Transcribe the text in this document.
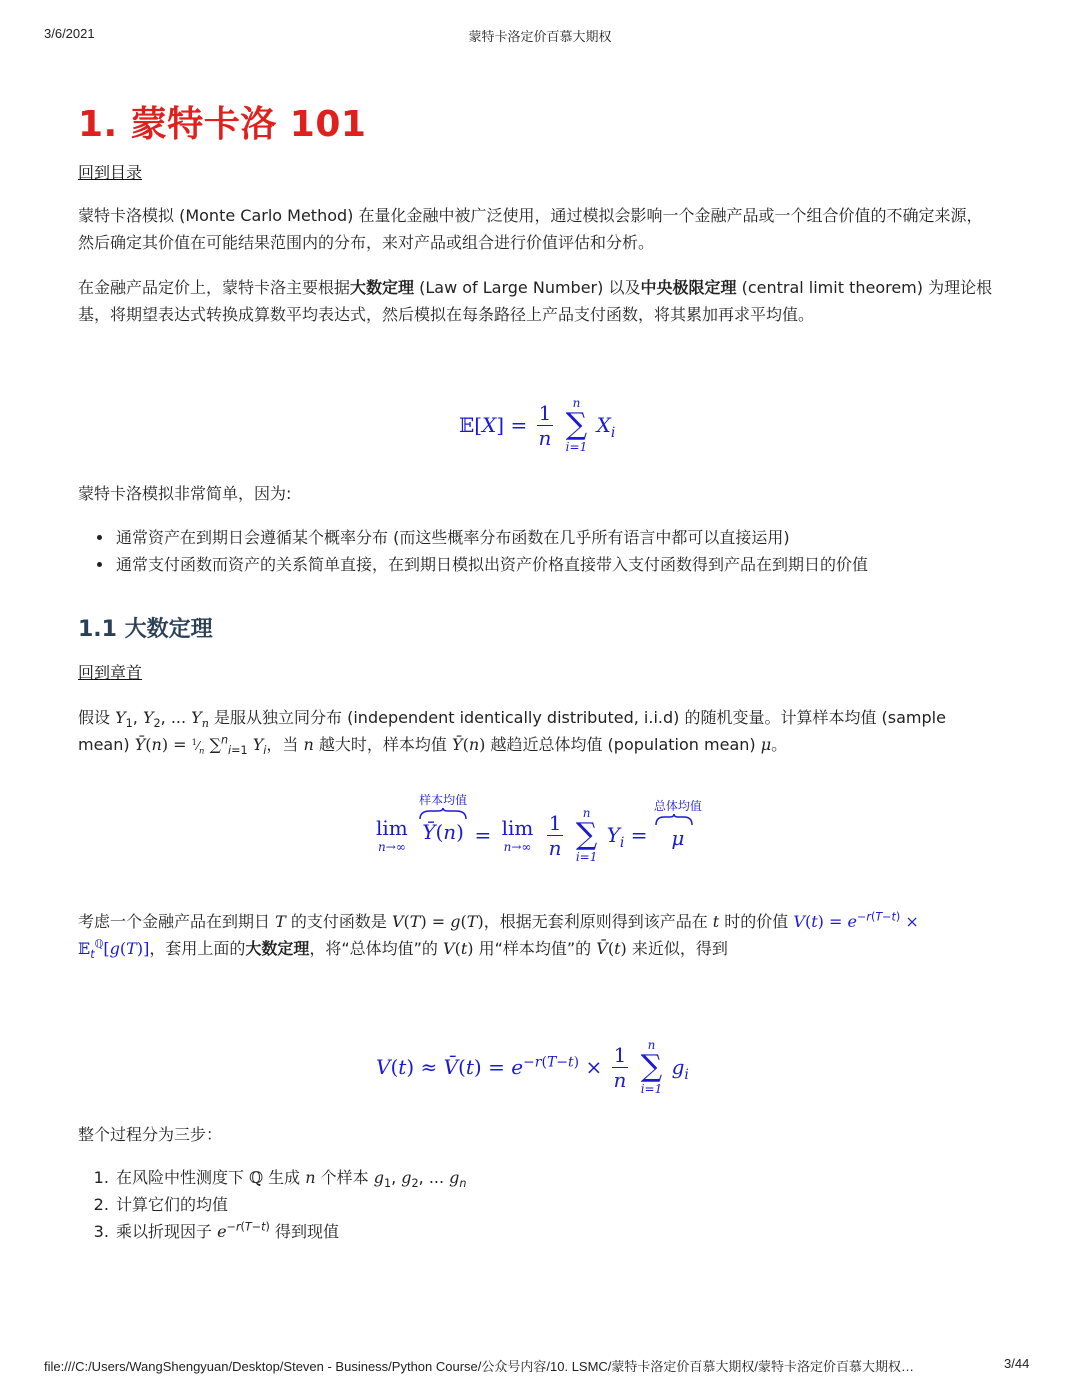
3/6/2021	蒙特卡洛定价百慕大期权
1. 蒙特卡洛 101
回到目录

蒙特卡洛模拟 (Monte Carlo Method) 在量化金融中被广泛使用，通过模拟会影响一个金融产品或一个组合价值的不确定来源，然后确定其价值在可能结果范围内的分布，来对产品或组合进行价值评估和分析。

在金融产品定价上，蒙特卡洛主要根据大数定理 (Law of Large Number) 以及中央极限定理 (central limit theorem) 为理论根基，将期望表达式转换成算数平均表达式，然后模拟在每条路径上产品支付函数，将其累加再求平均值。

𝔼[X] = $\frac{1}{n}$
	n
∑
i=1
$X_i$

蒙特卡洛模拟非常简单，因为:

• 通常资产在到期日会遵循某个概率分布 (而这些概率分布函数在几乎所有语言中都可以直接运用)
• 通常支付函数而资产的关系简单直接，在到期日模拟出资产价格直接带入支付函数得到产品在到期日的价值
1.1 大数定理
回到章首

假设 $Y_1$, $Y_2$, ... $Y_n$ 是服从独立同分布 (independent identically distributed, i.i.d) 的随机变量。计算样本均值 (sample mean) Ȳ(n) = $^1⁄_n$ ∑$^n_{i=1}$ $Y_i$，当 n 越大时，样本均值 Ȳ(n) 越趋近总体均值 (population mean) μ。

lim
n→∞

样本均值
Ȳ(n) = lim
n→∞
$\frac{1}{n}$
	n
∑
i=1
$Y_i$ =
总体均值
μ

考虑一个金融产品在到期日 T 的支付函数是 V(T) = g(T)，根据无套利原则得到该产品在 t 时的价值 $V(t) = e^{-r(T-t)}$ × 𝔼$_t^ℚ$[g(T)]，套用上面的大数定理，将“总体均值”的 V(t) 用“样本均值”的 V̄(t) 来近似，得到

V(t) ≈ V̄(t) = $e^{-r(T-t)} \times \frac{1}{n}$
	n
∑
i=1
$g_i$

整个过程分为三步：

1. 在风险中性测度下 ℚ 生成 n 个样本 $g_1$, $g_2$, ... $g_n$
2. 计算它们的均值
3. 乘以折现因子 $e^{-r(T-t)}$ 得到现值
file:///C:/Users/WangShengyuan/Desktop/Steven - Business/Python Course/公众号内容/10. LSMC/蒙特卡洛定价百慕大期权/蒙特卡洛定价百慕大期权…	3/44
